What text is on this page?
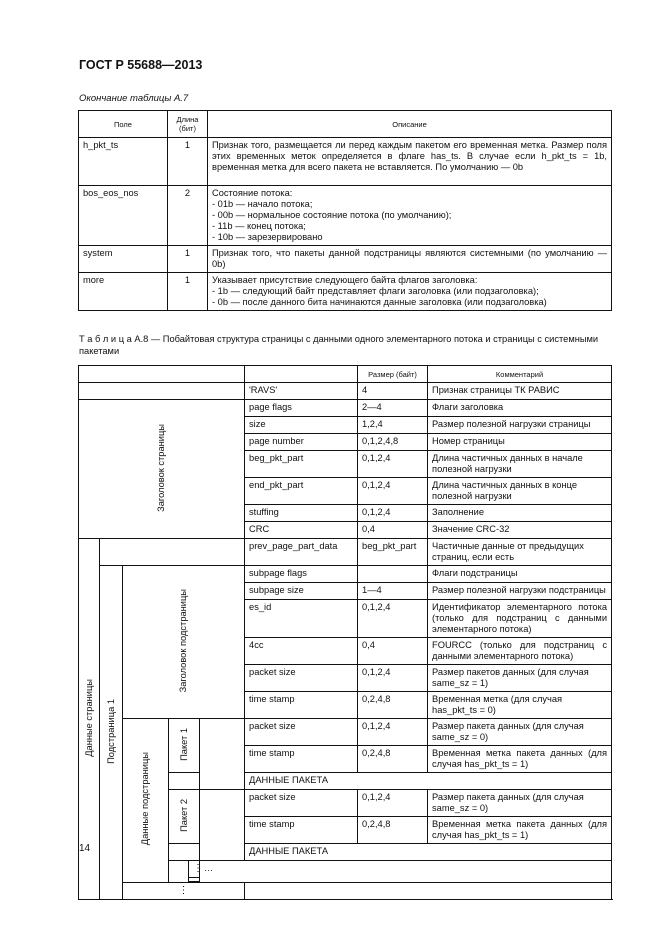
ГОСТ Р 55688—2013
Окончание таблицы А.7
Поле	Длина (бит)	Описание
h_pkt_ts	1	Признак того, размещается ли перед каждым пакетом его временная метка. Размер поля этих временных меток определяется в флаге has_ts. В случае если h_pkt_ts = 1b, временная метка для всего пакета не вставляется. По умолчанию — 0b
bos_eos_nos	2	Состояние потока:
- 01b — начало потока;
- 00b — нормальное состояние потока (по умолчанию);
- 11b — конец потока;
- 10b — зарезервировано

system	1	Признак того, что пакеты данной подстраницы являются системными (по умолчанию — 0b)
more	1	Указывает присутствие следующего байта флагов заголовка:
- 1b — следующий байт представляет флаги заголовка (или подзаголовка);
- 0b — после данного бита начинаются данные заголовка (или подзаголовка)
Т а б л и ц а А.8 — Побайтовая структура страницы с данными одного элементарного потока и страницы с системными пакетами
							Размер (байт)	Комментарий
						'RAVS'	4	Признак страницы ТК РАВИС
Заголовок страницы						page flags	2—4	Флаги заголовка
						size	1,2,4	Размер полезной нагрузки страницы
						page number	0,1,2,4,8	Номер страницы
						beg_pkt_part	0,1,2,4	Длина частичных данных в начале полезной нагрузки
						end_pkt_part	0,1,2,4	Длина частичных данных в конце полезной нагрузки
						stuffing	0,1,2,4	Заполнение
						CRC	0,4	Значение CRC-32
Данные страницы						prev_page_part_data	beg_pkt_part	Частичные данные от предыдущих страниц, если есть
	Подстраница 1	Заголовок подстраницы				subpage flags		Флаги подстраницы
						subpage size	1—4	Размер полезной нагрузки подстраницы
						es_id	0,1,2,4	Идентификатор элементарного потока (только для подстраниц с данными элементарного потока)
						4cc	0,4	FOURCC (только для подстраниц с данными элементарного потока)
						packet size	0,1,2,4	Размер пакетов данных (для случая same_sz = 1)
						time stamp	0,2,4,8	Временная метка (для случая has_pkt_ts = 0)
		Данные подстраницы	Пакет 1			packet size	0,1,2,4	Размер пакета данных (для случая same_sz = 0)
						time stamp	0,2,4,8	Временная метка пакета данных (для случая has_pkt_ts = 1)
						ДАННЫЕ ПАКЕТА		
			Пакет 2			packet size	0,1,2,4	Размер пакета данных (для случая same_sz = 0)
						time stamp	0,2,4,8	Временная метка пакета данных (для случая has_pkt_ts = 1)
						ДАННЫЕ ПАКЕТА		
				⋮	…			

		⋮						
14
